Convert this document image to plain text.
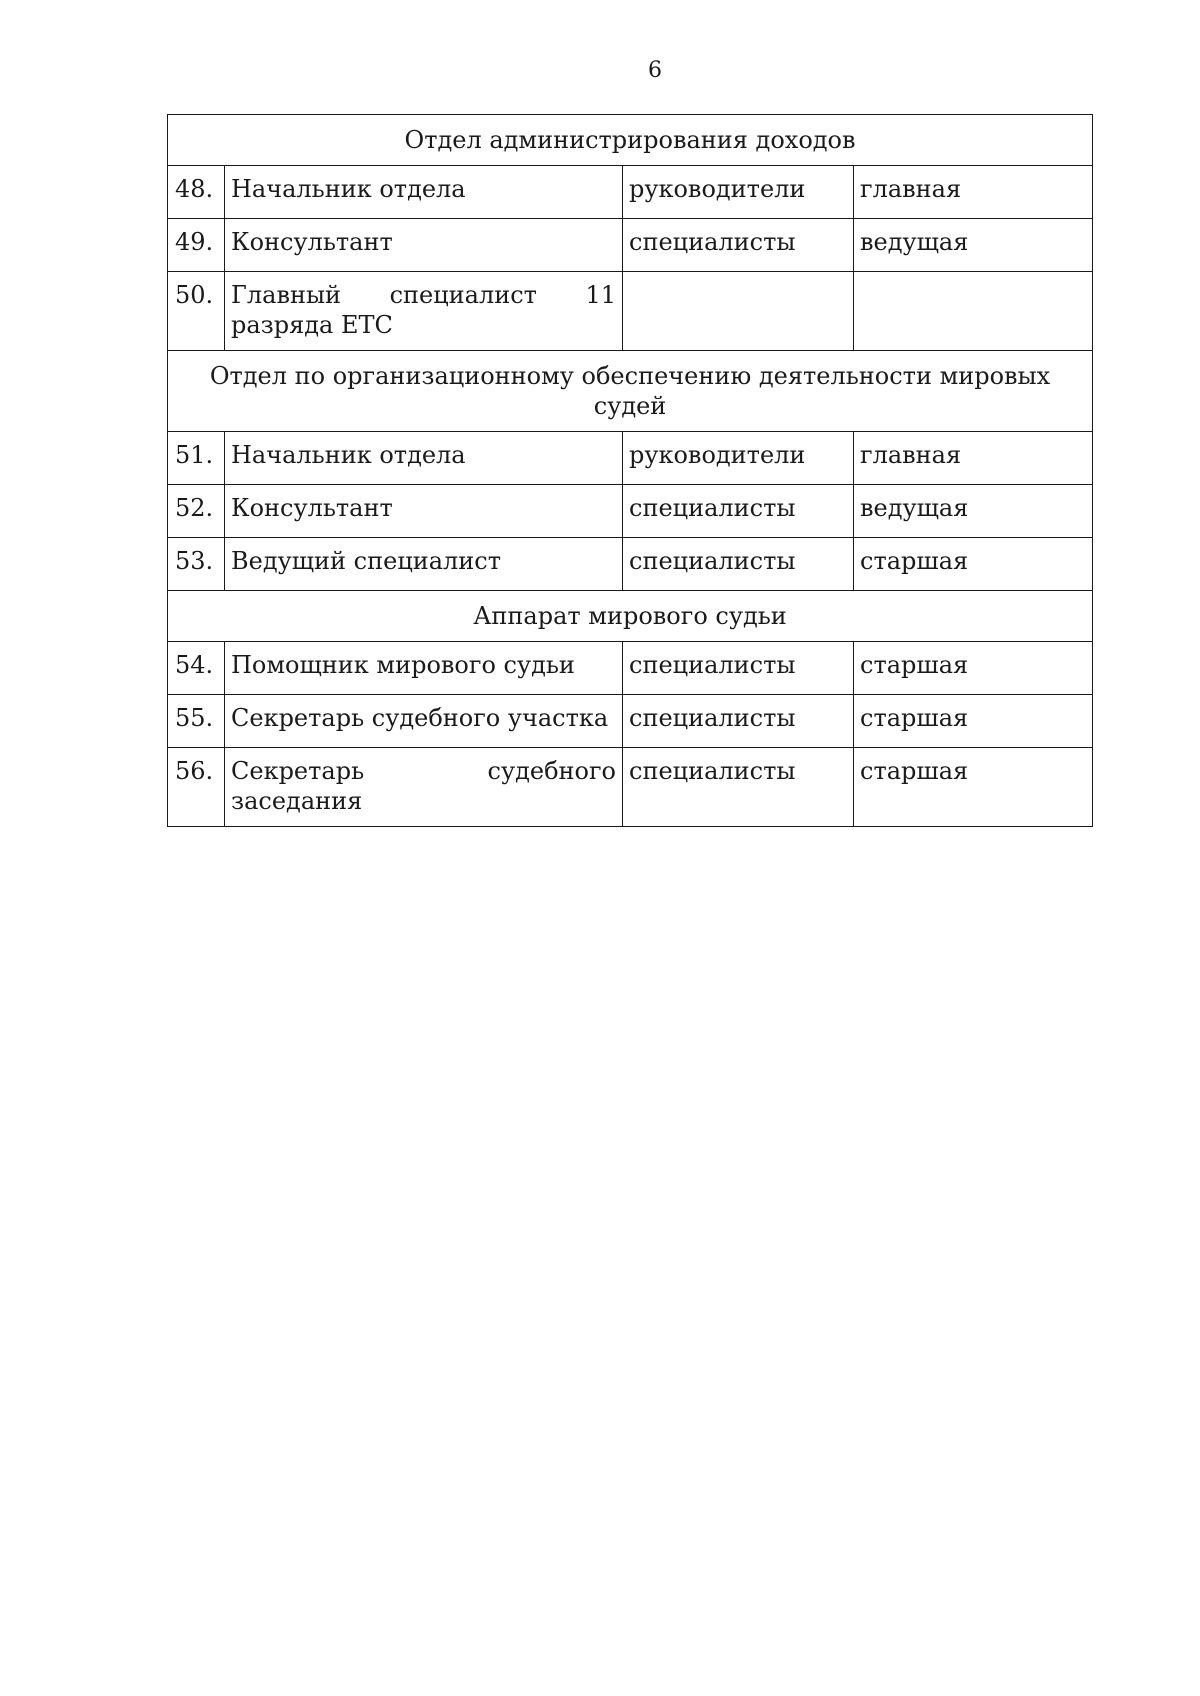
6
Отдел администрирования доходов			
48.	Начальник отдела	руководители	главная
49.	Консультант	специалисты	ведущая
50.	Главный специалист 11 разряда ЕТС		
Отдел по организационному обеспечению деятельности мировых судей			
51.	Начальник отдела	руководители	главная
52.	Консультант	специалисты	ведущая
53.	Ведущий специалист	специалисты	старшая
Аппарат мирового судьи			
54.	Помощник мирового судьи	специалисты	старшая
55.	Секретарь судебного участка	специалисты	старшая
56.	Секретарь судебного заседания	специалисты	старшая
